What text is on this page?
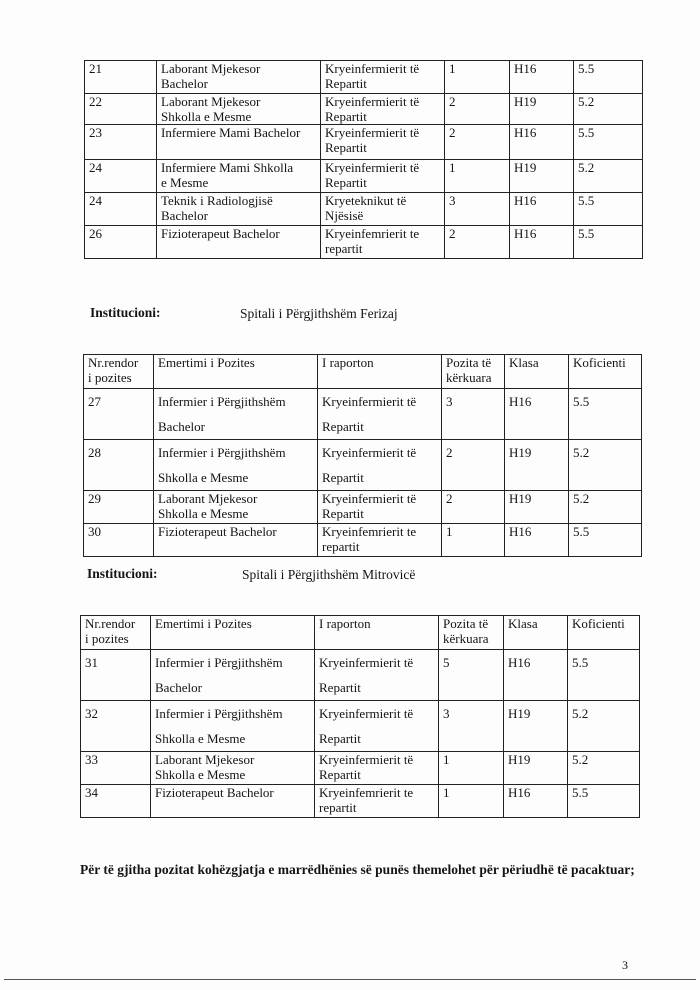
21	Laborant Mjekesor
Bachelor	Kryeinfermierit të
Repartit	1	H16	5.5
22	Laborant Mjekesor
Shkolla e Mesme	Kryeinfermierit të
Repartit	2	H19	5.2
23	Infermiere Mami Bachelor	Kryeinfermierit të
Repartit	2	H16	5.5
24	Infermiere Mami Shkolla
e Mesme	Kryeinfermierit të
Repartit	1	H19	5.2
24	Teknik i Radiologjisë
Bachelor	Kryeteknikut të
Njësisë	3	H16	5.5
26	Fizioterapeut Bachelor	Kryeinfemrierit te
repartit	2	H16	5.5
Institucioni:	Spitali i Përgjithshëm Ferizaj
Nr.rendor
i pozites	Emertimi i Pozites	I raporton	Pozita të
kërkuara	Klasa	Koficienti

27	Infermier i Përgjithshëm
Bachelor	Kryeinfermierit të
Repartit	3	H16	5.5

28	Infermier i Përgjithshëm
Shkolla e Mesme	Kryeinfermierit të
Repartit	2	H19	5.2

29	Laborant Mjekesor
Shkolla e Mesme	Kryeinfermierit të
Repartit	2	H19	5.2
30	Fizioterapeut Bachelor	Kryeinfemrierit te
repartit	1	H16	5.5
Institucioni:	Spitali i Përgjithshëm Mitrovicë
Nr.rendor
i pozites	Emertimi i Pozites	I raporton	Pozita të
kërkuara	Klasa	Koficienti

31	Infermier i Përgjithshëm
Bachelor	Kryeinfermierit të
Repartit	5	H16	5.5

32	Infermier i Përgjithshëm
Shkolla e Mesme	Kryeinfermierit të
Repartit	3	H19	5.2

33	Laborant Mjekesor
Shkolla e Mesme	Kryeinfermierit të
Repartit	1	H19	5.2
34	Fizioterapeut Bachelor	Kryeinfemrierit te
repartit	1	H16	5.5
Për të gjitha pozitat kohëzgjatja e marrëdhënies së punës themelohet për përiudhë të pacaktuar;
3
